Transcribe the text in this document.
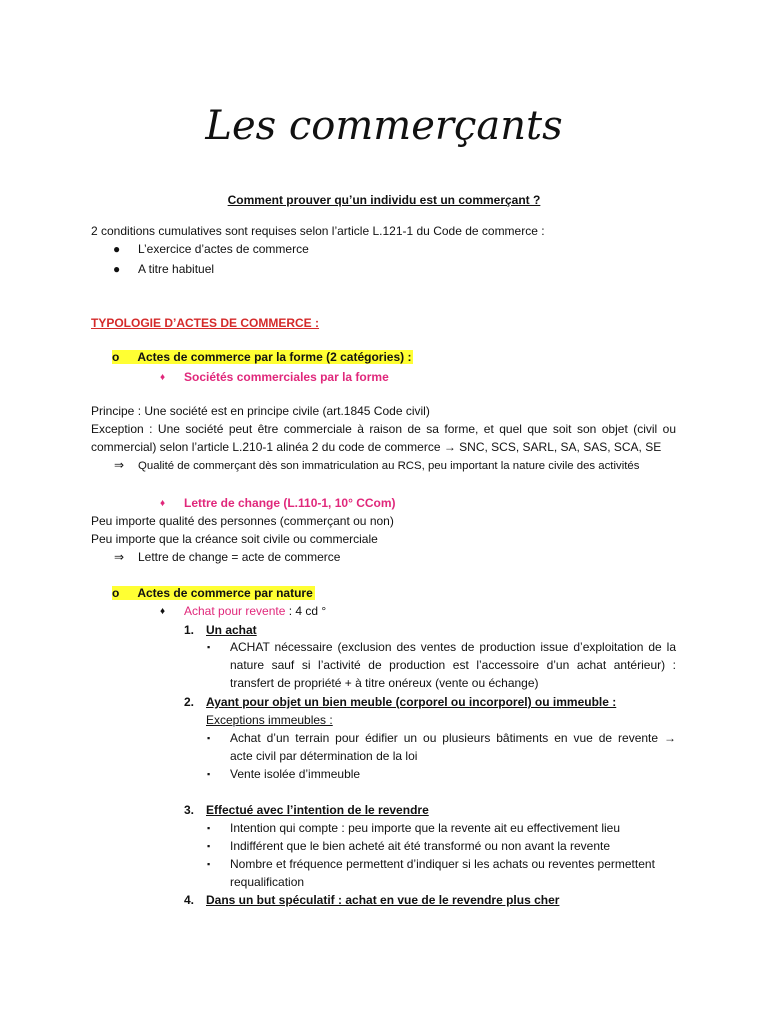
Les commerçants
Comment prouver qu’un individu est un commerçant ?
2 conditions cumulatives sont requises selon l’article L.121-1 du Code de commerce :
● L’exercice d’actes de commerce
● A titre habituel
TYPOLOGIE D’ACTES DE COMMERCE :
o Actes de commerce par la forme (2 catégories) :
♦ Sociétés commerciales par la forme
Principe : Une société est en principe civile (art.1845 Code civil)
Exception : Une société peut être commerciale à raison de sa forme, et quel que soit son objet (civil ou
commercial) selon l’article L.210-1 alinéa 2 du code de commerce → SNC, SCS, SARL, SA, SAS, SCA, SE
⇒ Qualité de commerçant dès son immatriculation au RCS, peu important la nature civile des activités
♦ Lettre de change (L.110-1, 10° CCom)
Peu importe qualité des personnes (commerçant ou non)
Peu importe que la créance soit civile ou commerciale
⇒ Lettre de change = acte de commerce
o Actes de commerce par nature
♦ Achat pour revente : 4 cd °
1. Un achat
▪ ACHAT nécessaire (exclusion des ventes de production issue d’exploitation de la
nature sauf si l’activité de production est l’accessoire d’un achat antérieur) :
transfert de propriété + à titre onéreux (vente ou échange)
2. Ayant pour objet un bien meuble (corporel ou incorporel) ou immeuble :
Exceptions immeubles :
▪ Achat d’un terrain pour édifier un ou plusieurs bâtiments en vue de revente →
acte civil par détermination de la loi
▪ Vente isolée d’immeuble
3. Effectué avec l’intention de le revendre
▪ Intention qui compte : peu importe que la revente ait eu effectivement lieu
▪ Indifférent que le bien acheté ait été transformé ou non avant la revente
▪ Nombre et fréquence permettent d’indiquer si les achats ou reventes permettent
requalification
4. Dans un but spéculatif : achat en vue de le revendre plus cher
